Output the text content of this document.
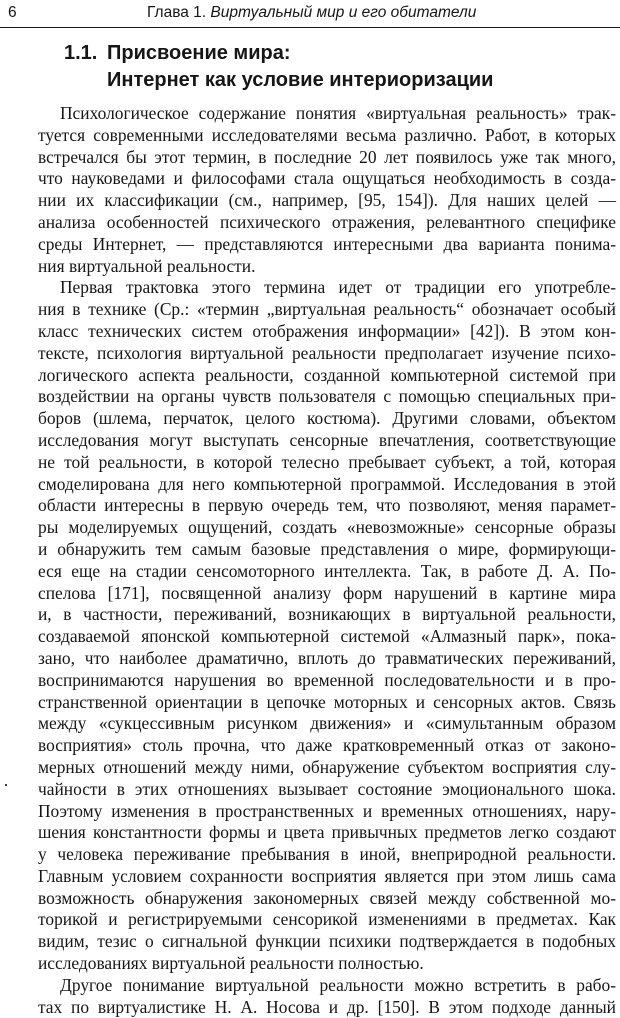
6	Глава 1. Виртуальный мир и его обитатели
1.1. Присвоение мира:
Интернет как условие интериоризации

Психологическое содержание понятия «виртуальная реальность» трак-
туется современными исследователями весьма различно. Работ, в которых
встречался бы этот термин, в последние 20 лет появилось уже так много,
что науковедами и философами стала ощущаться необходимость в созда-
нии их классификации (см., например, [95, 154]). Для наших целей —
анализа особенностей психического отражения, релевантного специфике
среды Интернет, — представляются интересными два варианта понима-
ния виртуальной реальности.

Первая трактовка этого термина идет от традиции его употребле-
ния в технике (Ср.: «термин „виртуальная реальность“ обозначает особый
класс технических систем отображения информации» [42]). В этом кон-
тексте, психология виртуальной реальности предполагает изучение психо-
логического аспекта реальности, созданной компьютерной системой при
воздействии на органы чувств пользователя с помощью специальных при-
боров (шлема, перчаток, целого костюма). Другими словами, объектом
исследования могут выступать сенсорные впечатления, соответствующие
не той реальности, в которой телесно пребывает субъект, а той, которая
смоделирована для него компьютерной программой. Исследования в этой
области интересны в первую очередь тем, что позволяют, меняя парамет-
ры моделируемых ощущений, создать «невозможные» сенсорные образы
и обнаружить тем самым базовые представления о мире, формирующи-
еся еще на стадии сенсомоторного интеллекта. Так, в работе Д. А. По-
спелова [171], посвященной анализу форм нарушений в картине мира
и, в частности, переживаний, возникающих в виртуальной реальности,
создаваемой японской компьютерной системой «Алмазный парк», пока-
зано, что наиболее драматично, вплоть до травматических переживаний,
воспринимаются нарушения во временной последовательности и в про-
странственной ориентации в цепочке моторных и сенсорных актов. Связь
между «сукцессивным рисунком движения» и «симультанным образом
восприятия» столь прочна, что даже кратковременный отказ от законо-
мерных отношений между ними, обнаружение субъектом восприятия слу-
чайности в этих отношениях вызывает состояние эмоционального шока.
Поэтому изменения в пространственных и временных отношениях, нару-
шения константности формы и цвета привычных предметов легко создают
у человека переживание пребывания в иной, внеприродной реальности.
Главным условием сохранности восприятия является при этом лишь сама
возможность обнаружения закономерных связей между собственной мо-
торикой и регистрируемыми сенсорикой изменениями в предметах. Как
видим, тезис о сигнальной функции психики подтверждается в подобных
исследованиях виртуальной реальности полностью.

Другое понимание виртуальной реальности можно встретить в рабо-
тах по виртуалистике Н. А. Носова и др. [150]. В этом подходе данный
